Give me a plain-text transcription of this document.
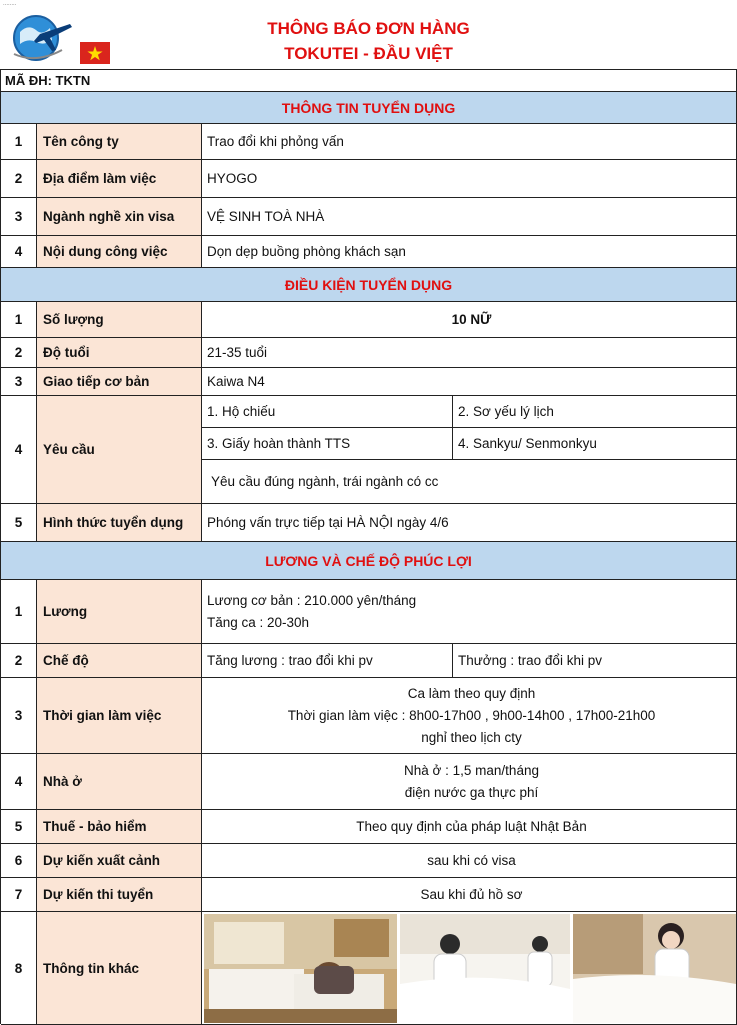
........
THÔNG BÁO ĐƠN HÀNG
TOKUTEI - ĐẦU VIỆT
MÃ ĐH: TKTN
THÔNG TIN TUYỂN DỤNG
1	Tên công ty	Trao đổi khi phỏng vấn
2	Địa điểm làm việc	HYOGO
3	Ngành nghề xin visa	VỆ SINH TOÀ NHÀ
4	Nội dung công việc	Dọn dẹp buồng phòng khách sạn
ĐIỀU KIỆN TUYỂN DỤNG
1	Số lượng	10 NỮ
2	Độ tuổi	21-35 tuổi
3	Giao tiếp cơ bản	Kaiwa N4
4	Yêu cầu
1. Hộ chiếu	2. Sơ yếu lý lịch
3. Giấy hoàn thành TTS	4. Sankyu/ Senmonkyu
Yêu cầu đúng ngành, trái ngành có cc
5	Hình thức tuyển dụng	Phóng vấn trực tiếp tại HÀ NỘI ngày 4/6
LƯƠNG VÀ CHẾ ĐỘ PHÚC LỢI
1	Lương
Lương cơ bản : 210.000 yên/tháng
Tăng ca : 20-30h
2	Chế độ	Tăng lương : trao đổi khi pv	Thưởng : trao đổi khi pv
3	Thời gian làm việc
Ca làm theo quy định
Thời gian làm việc : 8h00-17h00 , 9h00-14h00 , 17h00-21h00
nghỉ theo lịch cty
4	Nhà ở
Nhà ở : 1,5 man/tháng
điện nước ga thực phí
5	Thuế - bảo hiểm	Theo quy định của pháp luật Nhật Bản
6	Dự kiến xuất cảnh	sau khi có visa
7	Dự kiến thi tuyển	Sau khi đủ hồ sơ
8	Thông tin khác
